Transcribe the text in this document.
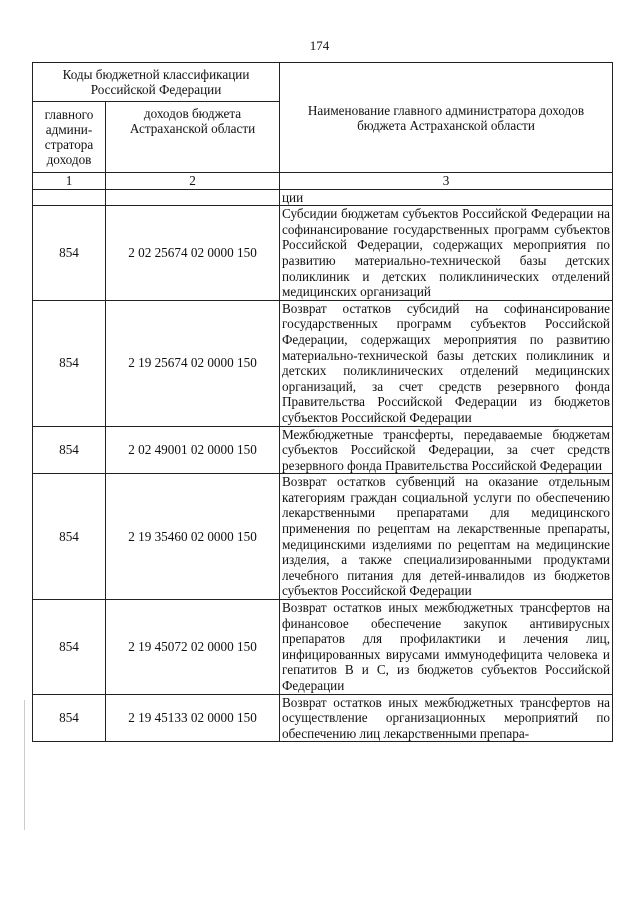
174
Коды бюджетной классификации Российской Федерации		Наименование главного администратора доходов бюджета Астраханской области
главного админи-стратора доходов	доходов бюджета Астраханской области	
1	2	3
		ции
854	2 02 25674 02 0000 150	Субсидии бюджетам субъектов Российской Федерации на софинансирование государственных программ субъектов Российской Федерации, содержащих мероприятия по развитию материально-технической базы детских поликлиник и детских поликлинических отделений медицинских организаций
854	2 19 25674 02 0000 150	Возврат остатков субсидий на софинансирование государственных программ субъектов Российской Федерации, содержащих мероприятия по развитию материально-технической базы детских поликлиник и детских поликлинических отделений медицинских организаций, за счет средств резервного фонда Правительства Российской Федерации из бюджетов субъектов Российской Федерации
854	2 02 49001 02 0000 150	Межбюджетные трансферты, передаваемые бюджетам субъектов Российской Федерации, за счет средств резервного фонда Правительства Российской Федерации
854	2 19 35460 02 0000 150	Возврат остатков субвенций на оказание отдельным категориям граждан социальной услуги по обеспечению лекарственными препаратами для медицинского применения по рецептам на лекарственные препараты, медицинскими изделиями по рецептам на медицинские изделия, а также специализированными продуктами лечебного питания для детей-инвалидов из бюджетов субъектов Российской Федерации
854	2 19 45072 02 0000 150	Возврат остатков иных межбюджетных трансфертов на финансовое обеспечение закупок антивирусных препаратов для профилактики и лечения лиц, инфицированных вирусами иммунодефицита человека и гепатитов B и C, из бюджетов субъектов Российской Федерации
854	2 19 45133 02 0000 150	Возврат остатков иных межбюджетных трансфертов на осуществление организационных мероприятий по обеспечению лиц лекарственными препара-
